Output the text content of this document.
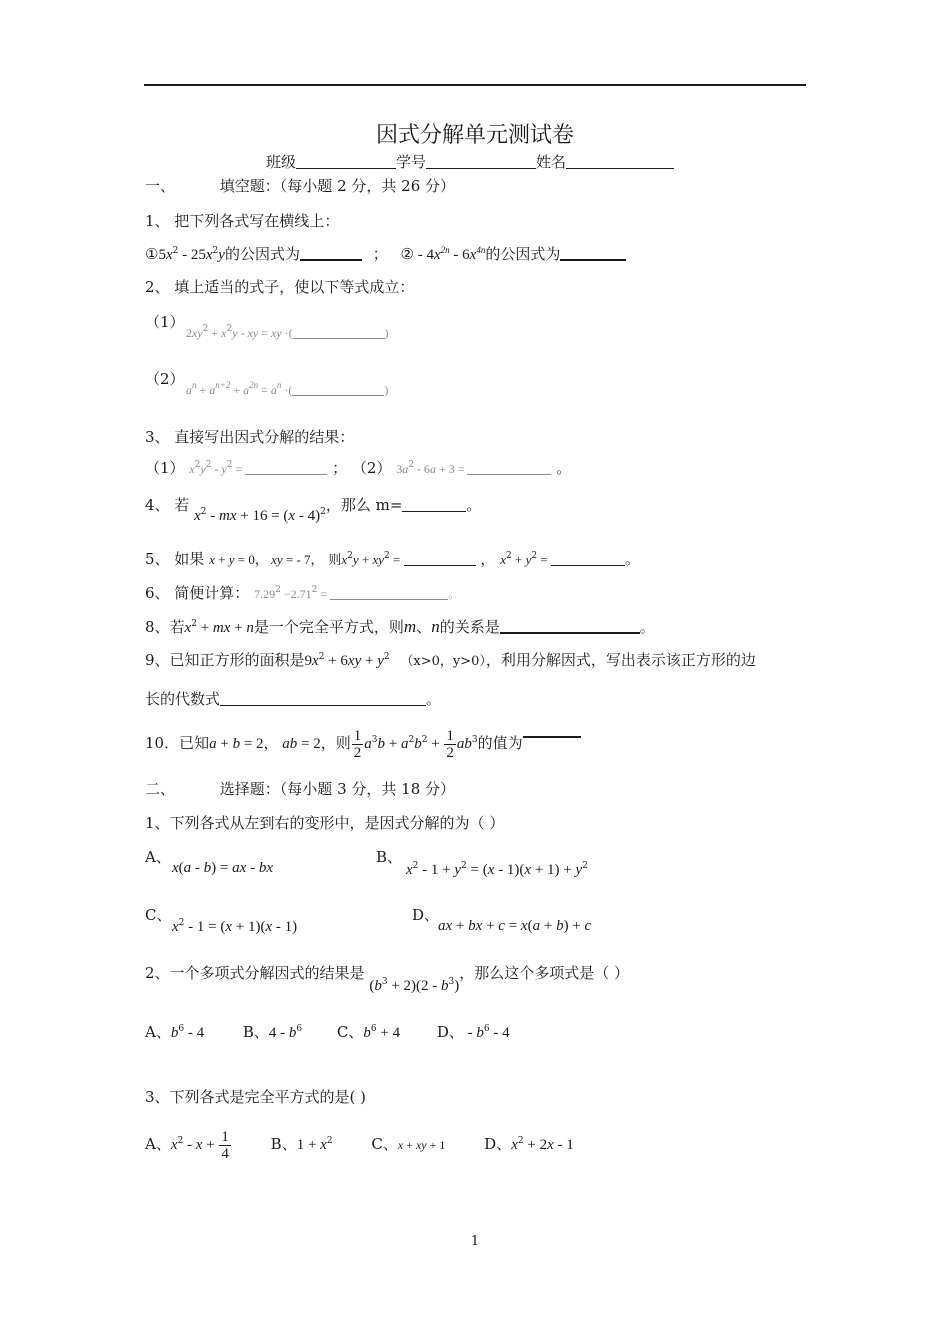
因式分解单元测试卷
班级	学号	姓名
一、	填空题：（每小题 2 分，共 26 分）
1、 把下列各式写在横线上：
$①5x^2 - 25x^2y$的公因式为	； ② - $4x^{2n} - 6x^{4n}$的公因式为
2、 填上适当的式子，使以下等式成立：
（1）
$2xy^2 + x^2y$ - xy = xy ·(	)
（2）
$a^n + a^{n+2} + a^{2n} = a^n$ ·(	)
3、 直接写出因式分解的结果：
（1） $x^2y^2 - y^2$ =	； （2） $3a^2 - 6a + 3$ =	。
4、 若 $x^2$ - mx + 16 = (x - 4)$^2$，那么 m=	。
5、 如果 x + y = 0， xy = - 7， 则$x^2y + xy^2$ =	， $x^2 + y^2$ =	。
6、 简便计算： $7.29^2 -2.71^2$ =	。
8、若$x^2$ + mx + n是一个完全平方式，则m、n的关系是	。
9、已知正方形的面积是$9x^2 + 6xy + y^2$ （x>0，y>0），利用分解因式，写出表示该正方形的边
长的代数式	。
10．已知a + b = 2， ab = 2，则 $\frac{1}{2} a^3b + a^2b^2 + \frac{1}{2} ab^3$的值为
二、	选择题：（每小题 3 分，共 18 分）
1、下列各式从左到右的变形中，是因式分解的为（ ）
A、
x(a - b) = ax - bx
B、
$x^2 - 1 + y^2 = (x - 1)(x + 1) + y^2$
C、
$x^2 - 1 = (x + 1)(x - 1)$
D、
ax + bx + c = x(a + b) + c
2、一个多项式分解因式的结果是 $(b^3 + 2)(2 - b^3)$，那么这个多项式是（ ）
A、$b^6 - 4$	B、$4 - b^6$ C、$b^6 + 4$ D、 - $b^6 - 4$
3、下列各式是完全平方式的是( )
A、$x^2 - x + \frac{1}{4}$	B、$1 + x^2$	C、x + xy + 1	D、$x^2 + 2x - 1$
1
